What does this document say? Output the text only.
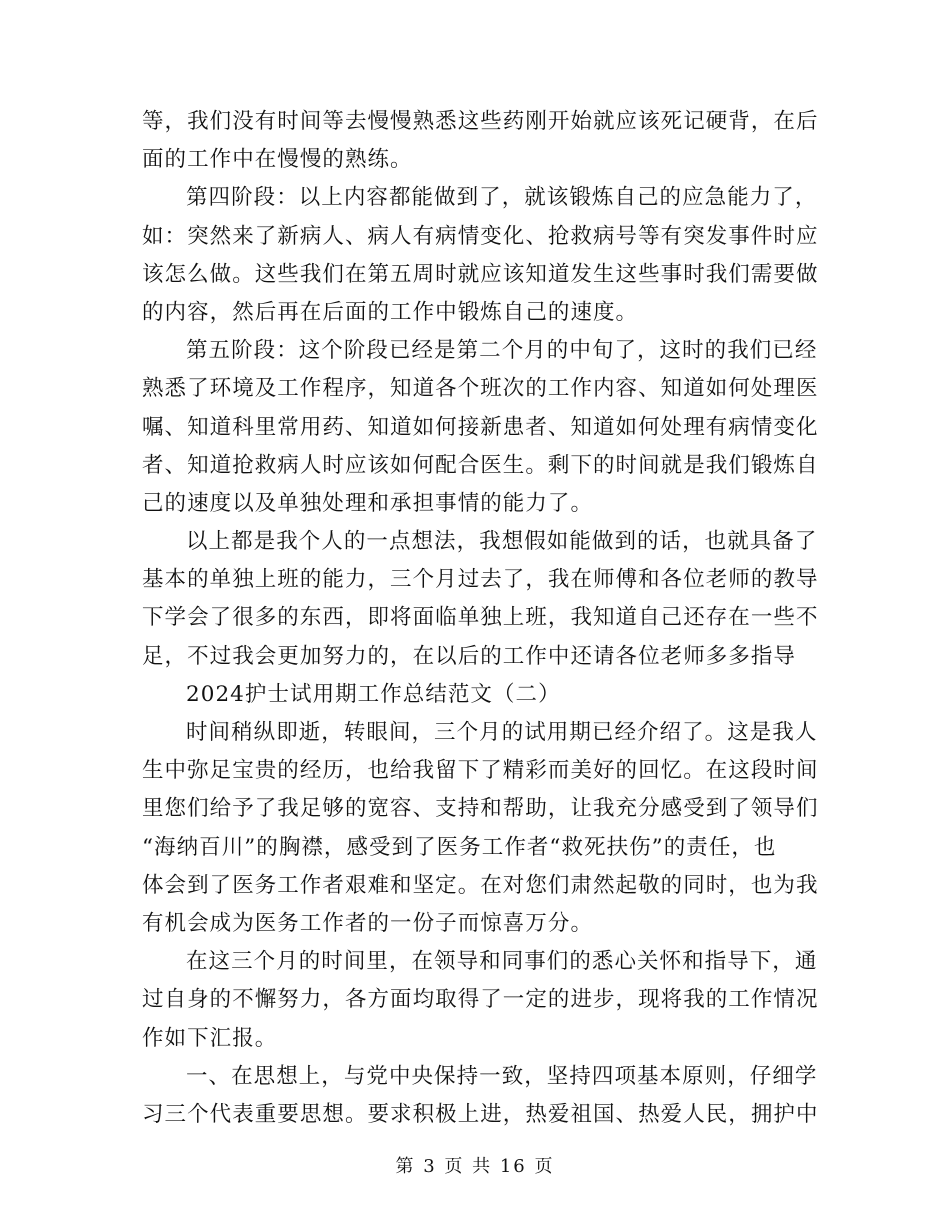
等，我们没有时间等去慢慢熟悉这些药刚开始就应该死记硬背，在后
面的工作中在慢慢的熟练。
第四阶段：以上内容都能做到了，就该锻炼自己的应急能力了，
如：突然来了新病人、病人有病情变化、抢救病号等有突发事件时应
该怎么做。这些我们在第五周时就应该知道发生这些事时我们需要做
的内容，然后再在后面的工作中锻炼自己的速度。
第五阶段：这个阶段已经是第二个月的中旬了，这时的我们已经
熟悉了环境及工作程序，知道各个班次的工作内容、知道如何处理医
嘱、知道科里常用药、知道如何接新患者、知道如何处理有病情变化
者、知道抢救病人时应该如何配合医生。剩下的时间就是我们锻炼自
己的速度以及单独处理和承担事情的能力了。
以上都是我个人的一点想法，我想假如能做到的话，也就具备了
基本的单独上班的能力，三个月过去了，我在师傅和各位老师的教导
下学会了很多的东西，即将面临单独上班，我知道自己还存在一些不
足，不过我会更加努力的，在以后的工作中还请各位老师多多指导
2024护士试用期工作总结范文（二）
时间稍纵即逝，转眼间，三个月的试用期已经介绍了。这是我人
生中弥足宝贵的经历，也给我留下了精彩而美好的回忆。在这段时间
里您们给予了我足够的宽容、支持和帮助，让我充分感受到了领导们
“海纳百川”的胸襟，感受到了医务工作者“救死扶伤”的责任，也
体会到了医务工作者艰难和坚定。在对您们肃然起敬的同时，也为我
有机会成为医务工作者的一份子而惊喜万分。
在这三个月的时间里，在领导和同事们的悉心关怀和指导下，通
过自身的不懈努力，各方面均取得了一定的进步，现将我的工作情况
作如下汇报。
一、在思想上，与党中央保持一致，坚持四项基本原则，仔细学
习三个代表重要思想。要求积极上进，热爱祖国、热爱人民，拥护中
第 3 页 共 16 页
